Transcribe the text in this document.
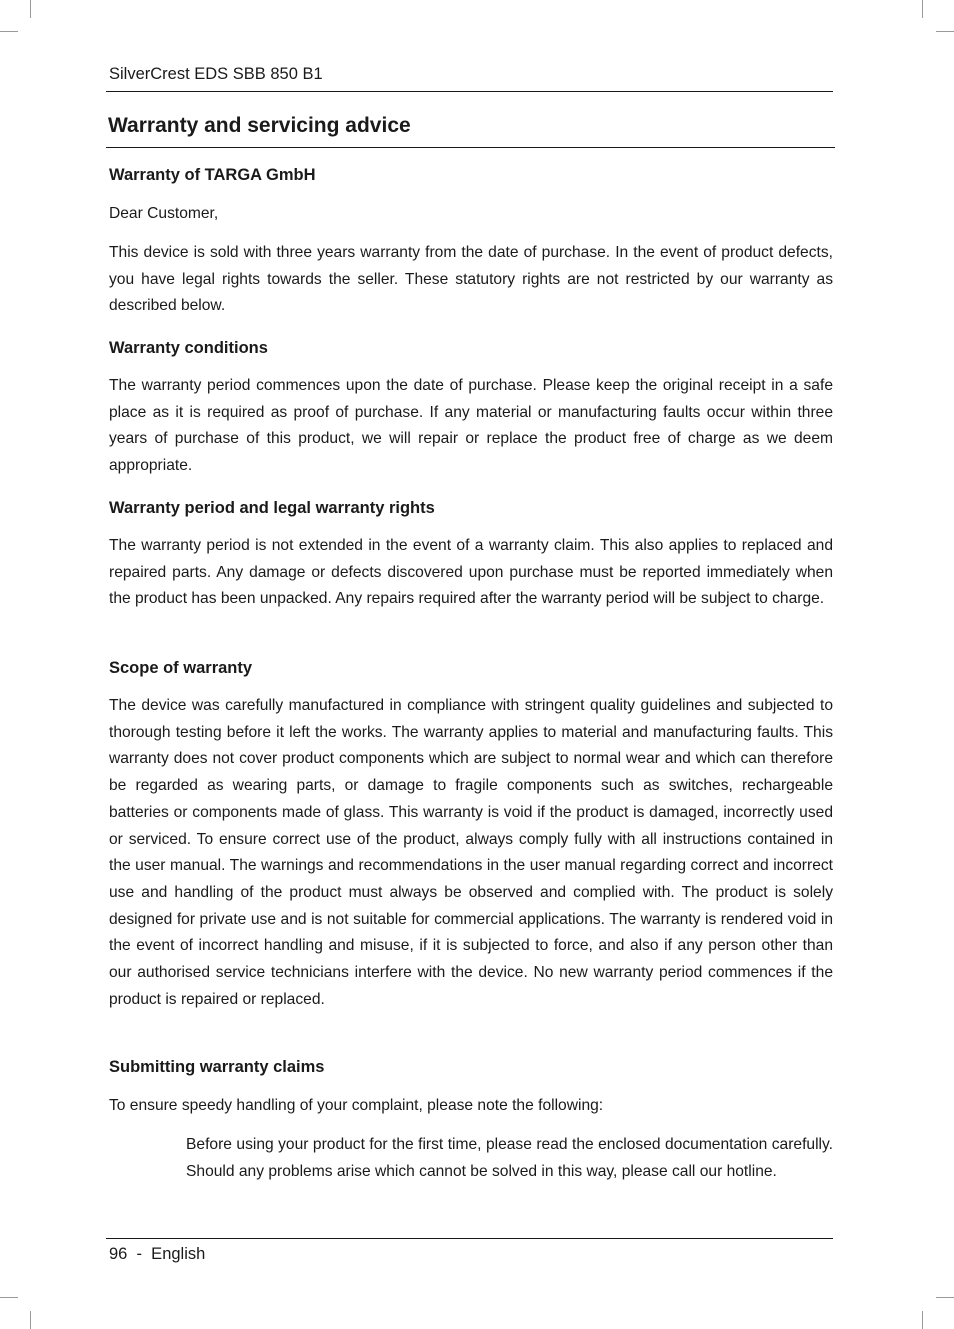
SilverCrest EDS SBB 850 B1
Warranty and servicing advice
Warranty of TARGA GmbH
Dear Customer,
This device is sold with three years warranty from the date of purchase. In the event of product defects, you have legal rights towards the seller. These statutory rights are not restricted by our warranty as described below.
Warranty conditions
The warranty period commences upon the date of purchase. Please keep the original receipt in a safe place as it is required as proof of purchase. If any material or manufacturing faults occur within three years of purchase of this product, we will repair or replace the product free of charge as we deem appropriate.
Warranty period and legal warranty rights
The warranty period is not extended in the event of a warranty claim. This also applies to replaced and repaired parts. Any damage or defects discovered upon purchase must be reported immediately when the product has been unpacked. Any repairs required after the warranty period will be subject to charge.
Scope of warranty
The device was carefully manufactured in compliance with stringent quality guidelines and subjected to thorough testing before it left the works. The warranty applies to material and manufacturing faults. This warranty does not cover product components which are subject to normal wear and which can therefore be regarded as wearing parts, or damage to fragile components such as switches, rechargeable batteries or components made of glass. This warranty is void if the product is damaged, incorrectly used or serviced. To ensure correct use of the product, always comply fully with all instructions contained in the user manual. The warnings and recommendations in the user manual regarding correct and incorrect use and handling of the product must always be observed and complied with. The product is solely designed for private use and is not suitable for commercial applications. The warranty is rendered void in the event of incorrect handling and misuse, if it is subjected to force, and also if any person other than our authorised service technicians interfere with the device. No new warranty period commences if the product is repaired or replaced.
Submitting warranty claims
To ensure speedy handling of your complaint, please note the following:
Before using your product for the first time, please read the enclosed documentation carefully. Should any problems arise which cannot be solved in this way, please call our hotline.
96  -  English
